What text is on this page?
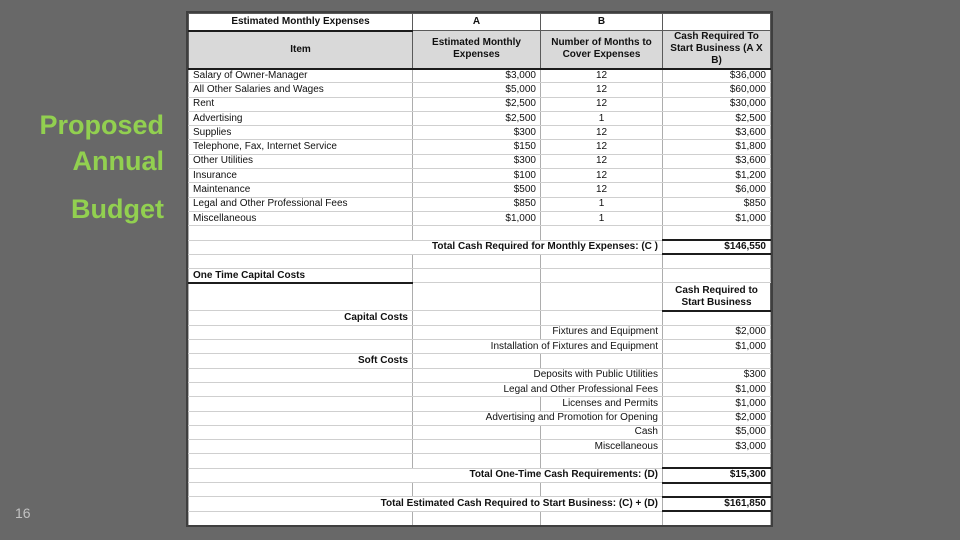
Proposed
Annual
Budget
16
Estimated Monthly Expenses	A	B	
Item	Estimated Monthly Expenses	Number of Months to Cover Expenses	Cash Required To Start Business (A X B)
Salary of Owner-Manager	$3,000	12	$36,000
All Other Salaries and Wages	$5,000	12	$60,000
Rent	$2,500	12	$30,000
Advertising	$2,500	1	$2,500
Supplies	$300	12	$3,600
Telephone, Fax, Internet Service	$150	12	$1,800
Other Utilities	$300	12	$3,600
Insurance	$100	12	$1,200
Maintenance	$500	12	$6,000
Legal and Other Professional Fees	$850	1	$850
Miscellaneous	$1,000	1	$1,000

Total Cash Required for Monthly Expenses: (C )			$146,550

One Time Capital Costs			
			Cash Required to Start Business
Capital Costs			
		Fixtures and Equipment	$2,000
	Installation of Fixtures and Equipment		$1,000
Soft Costs			
	Deposits with Public Utilities		$300
	Legal and Other Professional Fees		$1,000
		Licenses and Permits	$1,000
	Advertising and Promotion for Opening		$2,000
		Cash	$5,000
		Miscellaneous	$3,000

Total One-Time Cash Requirements: (D)			$15,300

Total Estimated Cash Required to Start Business: (C) + (D)			$161,850
